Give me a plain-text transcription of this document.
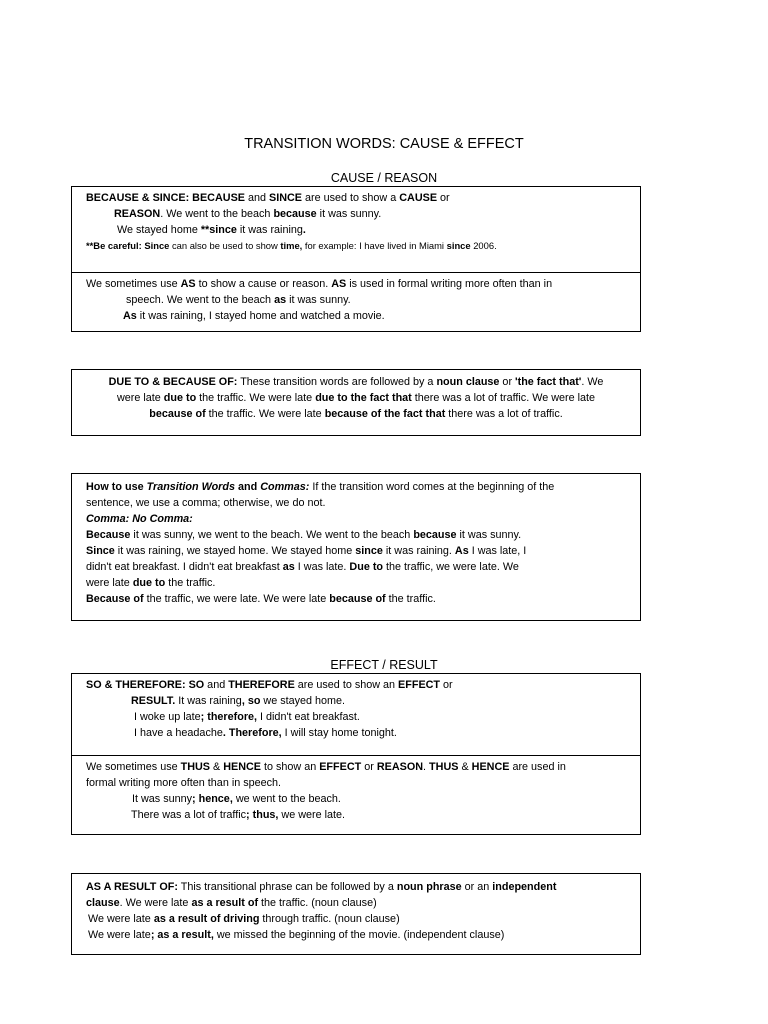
TRANSITION WORDS: CAUSE & EFFECT
CAUSE / REASON
BECAUSE & SINCE: BECAUSE and SINCE are used to show a CAUSE or
REASON. We went to the beach because it was sunny.
We stayed home **since it was raining.
**Be careful: Since can also be used to show time, for example: I have lived in Miami since 2006.
We sometimes use AS to show a cause or reason. AS is used in formal writing more often than in
speech. We went to the beach as it was sunny.
As it was raining, I stayed home and watched a movie.
DUE TO & BECAUSE OF: These transition words are followed by a noun clause or 'the fact that'. We
were late due to the traffic. We were late due to the fact that there was a lot of traffic. We were late
because of the traffic. We were late because of the fact that there was a lot of traffic.
How to use Transition Words and Commas: If the transition word comes at the beginning of the
sentence, we use a comma; otherwise, we do not.
Comma: No Comma:
Because it was sunny, we went to the beach. We went to the beach because it was sunny.
Since it was raining, we stayed home. We stayed home since it was raining. As I was late, I
didn't eat breakfast. I didn't eat breakfast as I was late. Due to the traffic, we were late. We
were late due to the traffic.
Because of the traffic, we were late. We were late because of the traffic.
EFFECT / RESULT
SO & THEREFORE: SO and THEREFORE are used to show an EFFECT or
RESULT. It was raining, so we stayed home.
I woke up late; therefore, I didn't eat breakfast.
I have a headache. Therefore, I will stay home tonight.
We sometimes use THUS & HENCE to show an EFFECT or REASON. THUS & HENCE are used in
formal writing more often than in speech.
It was sunny; hence, we went to the beach.
There was a lot of traffic; thus, we were late.
AS A RESULT OF: This transitional phrase can be followed by a noun phrase or an independent
clause. We were late as a result of the traffic. (noun clause)
We were late as a result of driving through traffic. (noun clause)
We were late; as a result, we missed the beginning of the movie. (independent clause)
